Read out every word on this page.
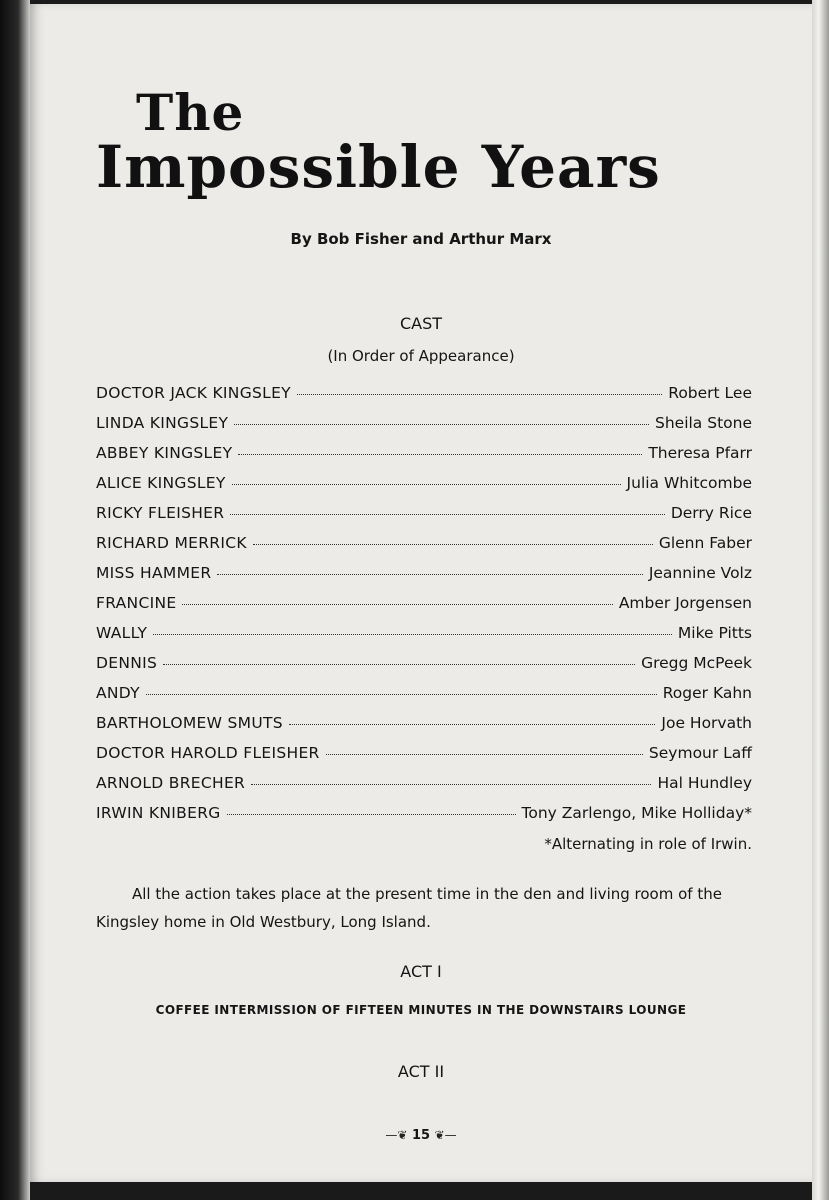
The
Impossible Years
By Bob Fisher and Arthur Marx
CAST
(In Order of Appearance)
DOCTOR JACK KINGSLEY	Robert Lee
LINDA KINGSLEY	Sheila Stone
ABBEY KINGSLEY	Theresa Pfarr
ALICE KINGSLEY	Julia Whitcombe
RICKY FLEISHER	Derry Rice
RICHARD MERRICK	Glenn Faber
MISS HAMMER	Jeannine Volz
FRANCINE	Amber Jorgensen
WALLY	Mike Pitts
DENNIS	Gregg McPeek
ANDY	Roger Kahn
BARTHOLOMEW SMUTS	Joe Horvath
DOCTOR HAROLD FLEISHER	Seymour Laff
ARNOLD BRECHER	Hal Hundley
IRWIN KNIBERG	Tony Zarlengo, Mike Holliday*
*Alternating in role of Irwin.
All the action takes place at the present time in the den and living room of the Kingsley home in Old Westbury, Long Island.
ACT I
COFFEE INTERMISSION OF FIFTEEN MINUTES IN THE DOWNSTAIRS LOUNGE
ACT II
—❦ 15 ❦—
